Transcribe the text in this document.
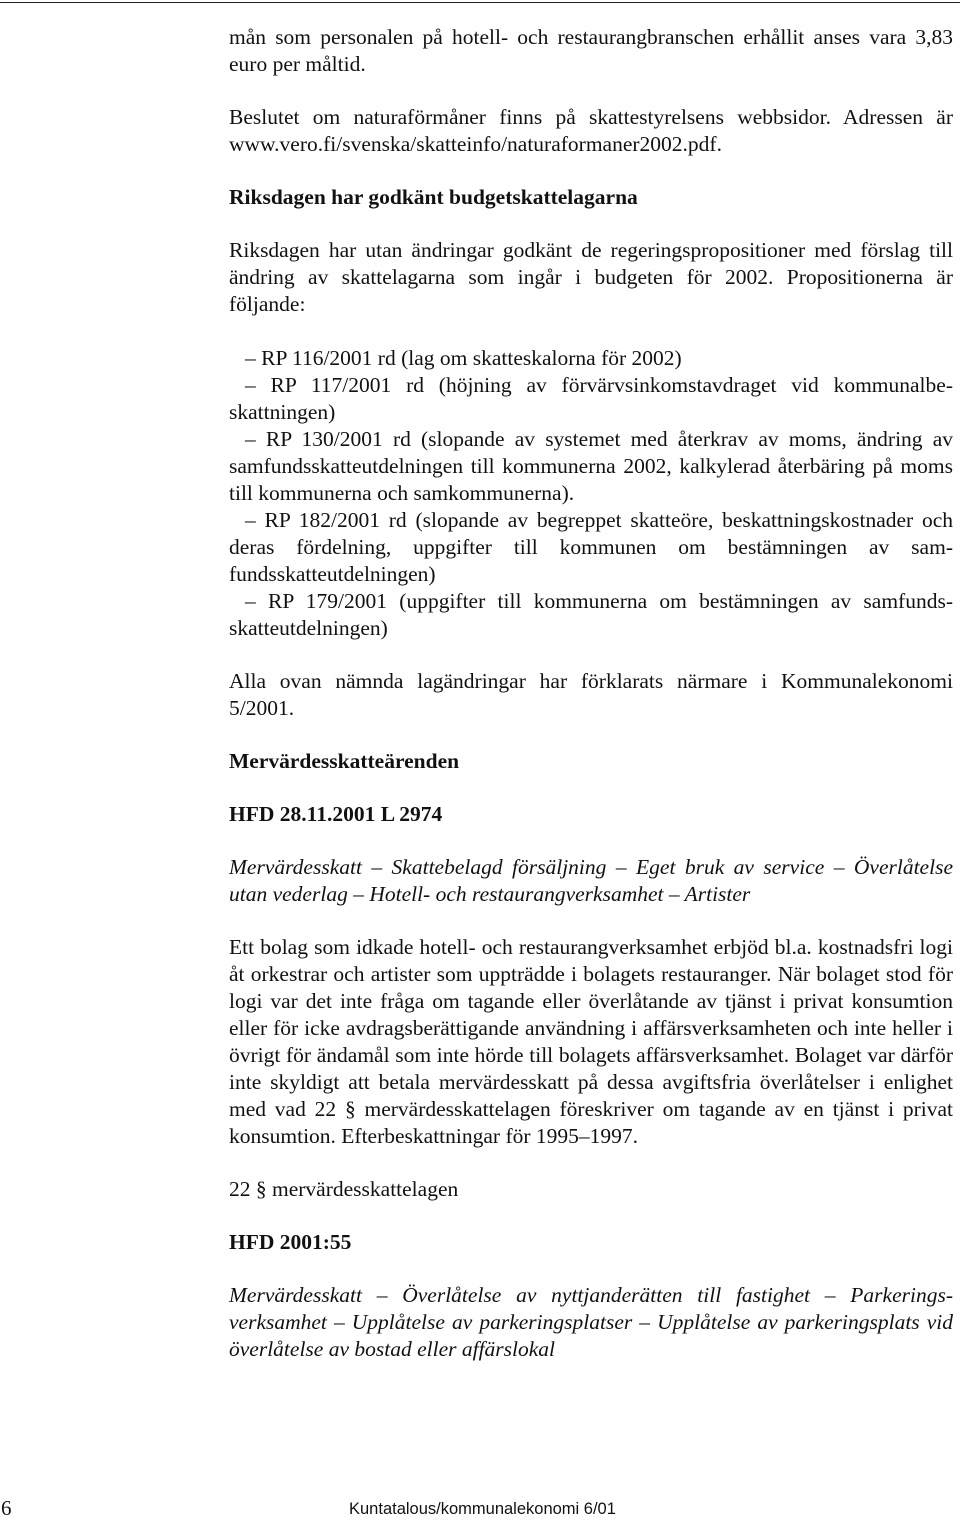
mån som personalen på hotell- och restaurangbranschen erhållit anses vara 3,83 euro per måltid.

Beslutet om naturaförmåner finns på skattestyrelsens webbsidor. Adressen är www.vero.fi/svenska/skatteinfo/naturaformaner2002.pdf.

Riksdagen har godkänt budgetskattelagarna

Riksdagen har utan ändringar godkänt de regeringspropositioner med förslag till ändring av skattelagarna som ingår i budgeten för 2002. Propositionerna är följande:

– RP 116/2001 rd (lag om skatteskalorna för 2002)

– RP 117/2001 rd (höjning av förvärvsinkomstavdraget vid kommunalbeskattningen)

– RP 130/2001 rd (slopande av systemet med återkrav av moms, ändring av samfundsskatteutdelningen till kommunerna 2002, kalkylerad återbäring på moms till kommunerna och samkommunerna).

– RP 182/2001 rd (slopande av begreppet skatteöre, beskattningskostnader och deras fördelning, uppgifter till kommunen om bestämningen av samfundsskatteutdelningen)

– RP 179/2001 (uppgifter till kommunerna om bestämningen av samfundsskatteutdelningen)

Alla ovan nämnda lagändringar har förklarats närmare i Kommunalekonomi 5/2001.

Mervärdesskatteärenden

HFD 28.11.2001 L 2974

Mervärdesskatt – Skattebelagd försäljning – Eget bruk av service – Överlåtelse utan vederlag – Hotell- och restaurangverksamhet – Artister

Ett bolag som idkade hotell- och restaurangverksamhet erbjöd bl.a. kostnadsfri logi åt orkestrar och artister som uppträdde i bolagets restauranger. När bolaget stod för logi var det inte fråga om tagande eller överlåtande av tjänst i privat konsumtion eller för icke avdragsberättigande användning i affärsverksamheten och inte heller i övrigt för ändamål som inte hörde till bolagets affärsverksamhet. Bolaget var därför inte skyldigt att betala mervärdesskatt på dessa avgiftsfria överlåtelser i enlighet med vad 22 § mervärdesskattelagen föreskriver om tagande av en tjänst i privat konsumtion. Efterbeskattningar för 1995–1997.

22 § mervärdesskattelagen

HFD 2001:55

Mervärdesskatt – Överlåtelse av nyttjanderätten till fastighet – Parkeringsverksamhet – Upplåtelse av parkeringsplatser – Upplåtelse av parkeringsplats vid överlåtelse av bostad eller affärslokal

6	Kuntatalous/kommunalekonomi 6/01
